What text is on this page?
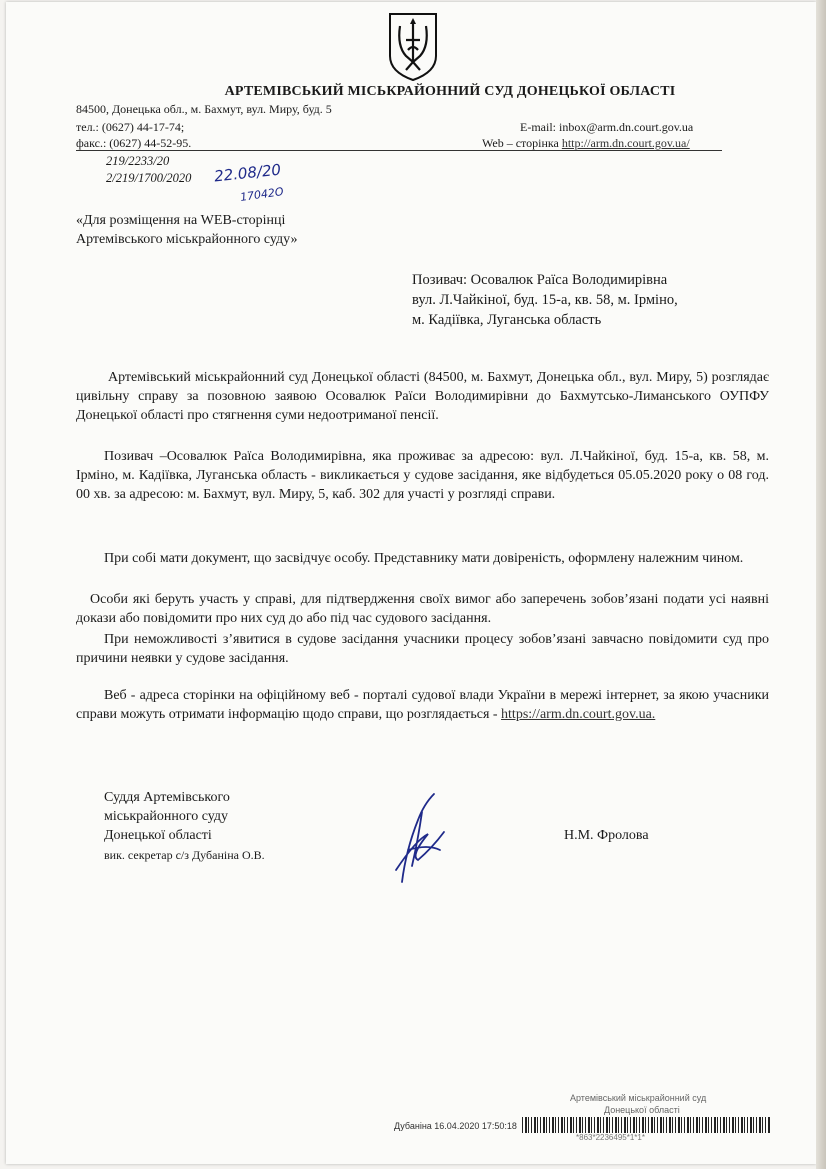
АРТЕМІВСЬКИЙ МІСЬКРАЙОННИЙ СУД ДОНЕЦЬКОЇ ОБЛАСТІ
84500, Донецька обл., м. Бахмут, вул. Миру, буд. 5
тел.: (0627) 44-17-74;
факс.: (0627) 44-52-95.
E-mail: inbox@arm.dn.court.gov.ua
Web – сторінка http://arm.dn.court.gov.ua/
219/2233/20
2/219/1700/2020 22.08/20
17042О
«Для розміщення на WEB-сторінці
Артемівського міськрайонного суду»
Позивач: Осовалюк Раїса Володимирівна
вул. Л.Чайкіної, буд. 15-а, кв. 58, м. Ірміно,
м. Кадіївка, Луганська область
Артемівський міськрайонний суд Донецької області (84500, м. Бахмут, Донецька обл., вул. Миру, 5) розглядає цивільну справу за позовною заявою Осовалюк Раїси Володимирівни до Бахмутсько-Лиманського ОУПФУ Донецької області про стягнення суми недоотриманої пенсії.
Позивач –Осовалюк Раїса Володимирівна, яка проживає за адресою: вул. Л.Чайкіної, буд. 15-а, кв. 58, м. Ірміно, м. Кадіївка, Луганська область - викликається у судове засідання, яке відбудеться 05.05.2020 року о 08 год. 00 хв. за адресою: м. Бахмут, вул. Миру, 5, каб. 302 для участі у розгляді справи.
При собі мати документ, що засвідчує особу. Представнику мати довіреність, оформлену належним чином.
Особи які беруть участь у справі, для підтвердження своїх вимог або заперечень зобов’язані подати усі наявні докази або повідомити про них суд до або під час судового засідання.
При неможливості з’явитися в судове засідання учасники процесу зобов’язані завчасно повідомити суд про причини неявки у судове засідання.
Веб - адреса сторінки на офіційному веб - порталі судової влади України в мережі інтернет, за якою учасники справи можуть отримати інформацію щодо справи, що розглядається - https://arm.dn.court.gov.ua.
Суддя Артемівського
міськрайонного суду
Донецької області
вик. секретар с/з Дубаніна О.В.
Н.М. Фролова
Артемівський міськрайонний суд
Донецької області
Дубаніна 16.04.2020 17:50:18
*863*2236495*1*1*
